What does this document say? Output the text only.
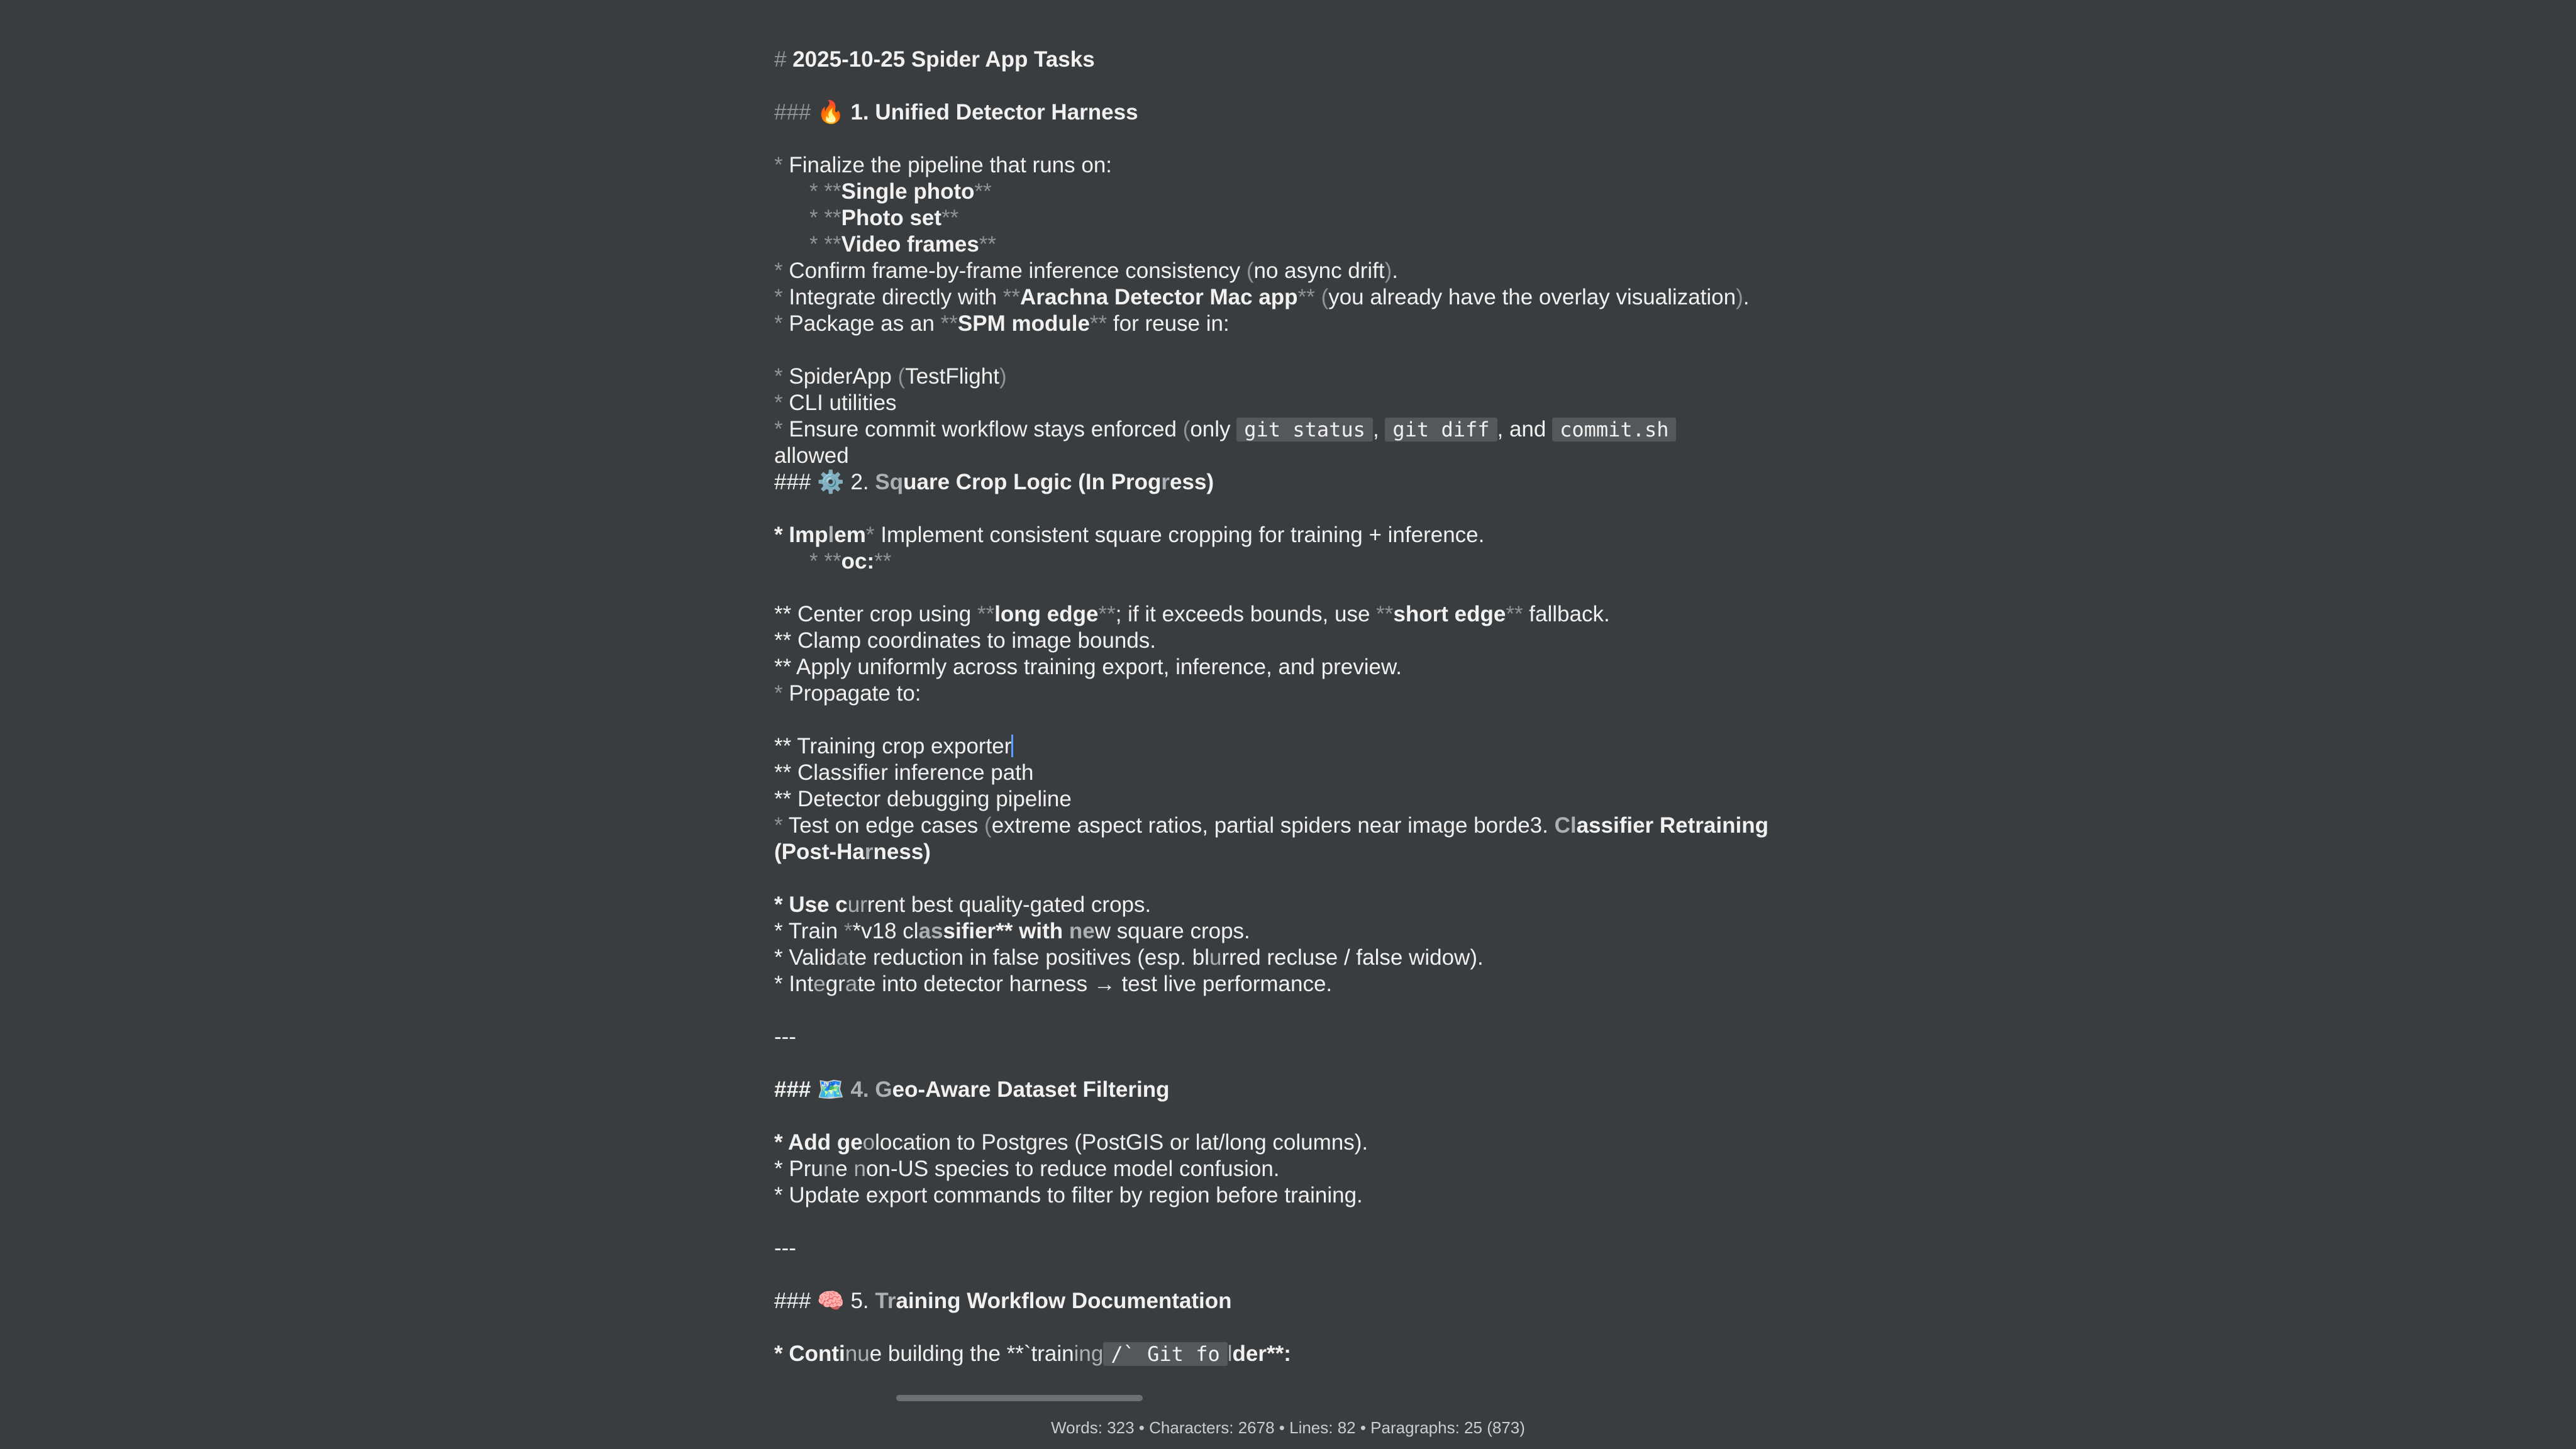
# 2025-10-25 Spider App Tasks
### 🔥 1. Unified Detector Harness
* Finalize the pipeline that runs on:
* **Single photo**
* **Photo set**
* **Video frames**
* Confirm frame-by-frame inference consistency (no async drift).
* Integrate directly with **Arachna Detector Mac app** (you already have the overlay visualization).
* Package as an **SPM module** for reuse in:
* SpiderApp (TestFlight)
* CLI utilities
* Ensure commit workflow stays enforced (only git status , git diff , and commit.sh
allowed
### ⚙️ 2. Square Crop Logic (In Progress)
* Implem* Implement consistent square cropping for training + inference.
* **oc:**
** Center crop using **long edge**; if it exceeds bounds, use **short edge** fallback.
** Clamp coordinates to image bounds.
** Apply uniformly across training export, inference, and preview.
* Propagate to:
** Training crop exporter
** Classifier inference path
** Detector debugging pipeline
* Test on edge cases (extreme aspect ratios, partial spiders near image borde3. Classifier Retraining
(Post-Harness)
* Use current best quality-gated crops.
* Train **v18 classifier** with new square crops.
* Validate reduction in false positives (esp. blurred recluse / false widow).
* Integrate into detector harness → test live performance.
---
### 🗺️ 4. Geo-Aware Dataset Filtering
* Add geolocation to Postgres (PostGIS or lat/long columns).
* Prune non-US species to reduce model confusion.
* Update export commands to filter by region before training.
---
### 🧠 5. Training Workflow Documentation
* Continue building the **`training /` Git fo lder**:
Words: 323 • Characters: 2678 • Lines: 82 • Paragraphs: 25 (873)
